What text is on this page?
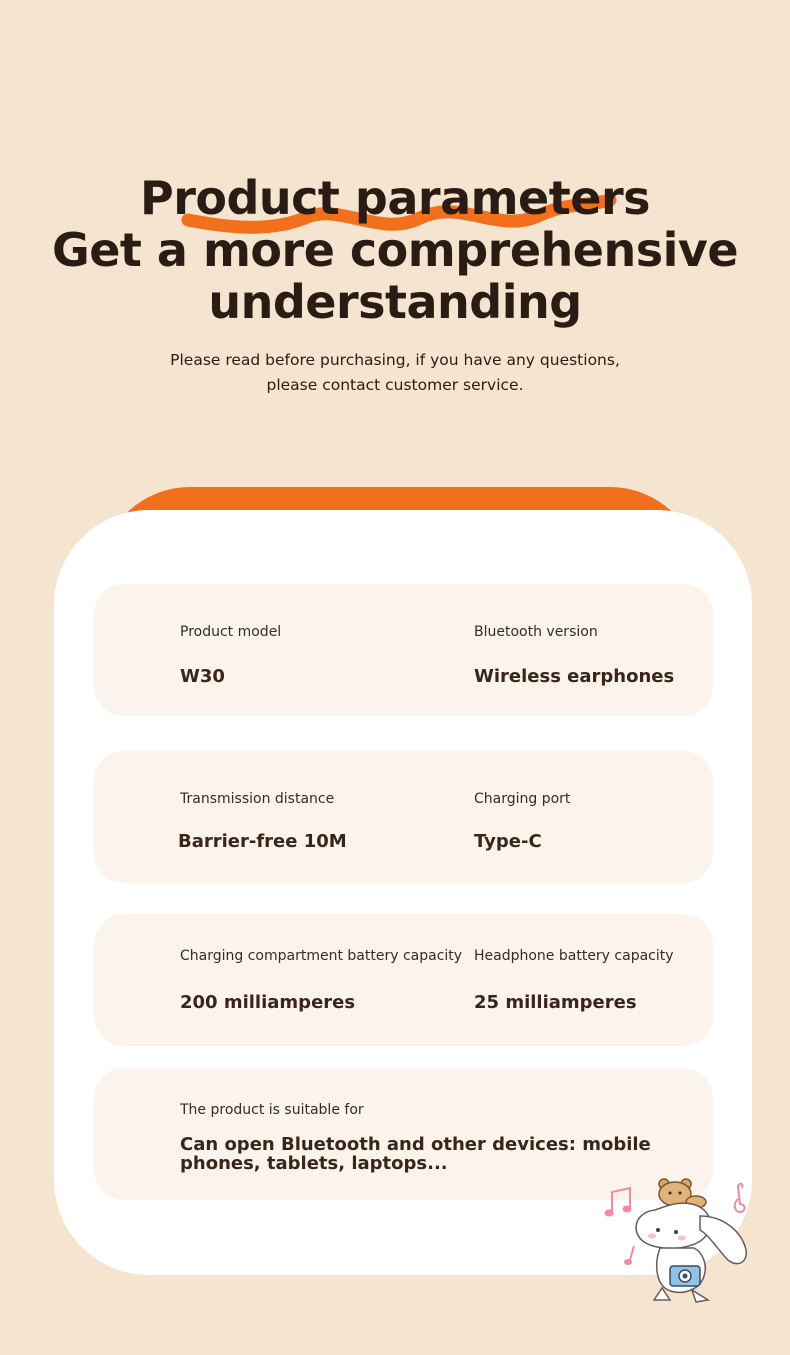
Product parameters
Get a more comprehensive
understanding
Please read before purchasing, if you have any questions,
please contact customer service.
Product model
W30
Bluetooth version
Wireless earphones
Transmission distance
Barrier-free 10M
Charging port
Type-C
Charging compartment battery capacity
200 milliamperes
Headphone battery capacity
25 milliamperes
The product is suitable for
Can open Bluetooth and other devices: mobile phones, tablets, laptops...
